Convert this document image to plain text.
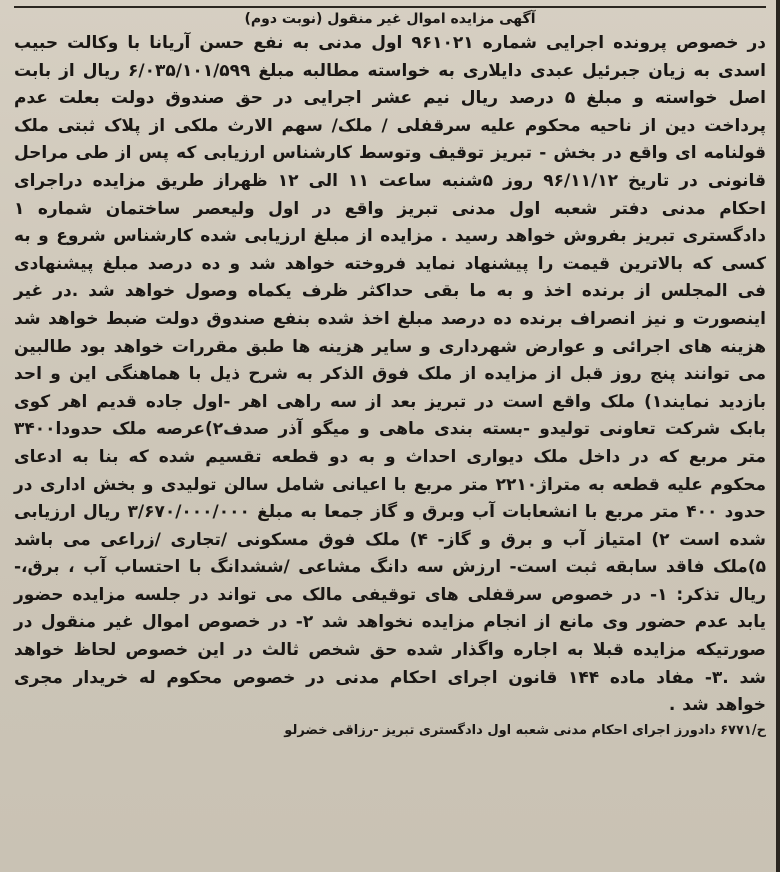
آگهی مزایده اموال غیر منقول (نوبت دوم)

در خصوص پرونده اجرایی شماره ۹۶۱۰۲۱ اول مدنی به نفع حسن آریانا با وکالت حبیب اسدی به زیان جبرئیل عبدی دایلاری به خواسته مطالبه مبلغ ۶/۰۳۵/۱۰۱/۵۹۹ ریال از بابت اصل خواسته و مبلغ ۵ درصد ریال نیم عشر اجرایی در حق صندوق دولت بعلت عدم پرداخت دین از ناحیه محکوم علیه سرقفلی / ملک/ سهم الارث ملکی از پلاک ثبتی ملک قولنامه ای واقع در بخش - تبریز توقیف وتوسط کارشناس ارزیابی که پس از طی مراحل قانونی در تاریخ ۹۶/۱۱/۱۲ روز ۵شنبه ساعت ۱۱ الی ۱۲ ظهراز طریق مزایده دراجرای احکام مدنی دفتر شعبه اول مدنی تبریز واقع در اول ولیعصر ساختمان شماره ۱ دادگستری تبریز بفروش خواهد رسید . مزایده از مبلغ ارزیابی شده کارشناس شروع و به کسی که بالاترین قیمت را پیشنهاد نماید فروخته خواهد شد و ده درصد مبلغ پیشنهادی فی المجلس از برنده اخذ و به ما بقی حداکثر ظرف یکماه وصول خواهد شد .در غیر اینصورت و نیز انصراف برنده ده درصد مبلغ اخذ شده بنفع صندوق دولت ضبط خواهد شد هزینه های اجرائی و عوارض شهرداری و سایر هزینه ها طبق مقررات خواهد بود طالبین می توانند پنج روز قبل از مزایده از ملک فوق الذکر به شرح ذیل با هماهنگی این و احد بازدید نمایند۱) ملک واقع است در تبریز بعد از سه راهی اهر -اول جاده قدیم اهر کوی بابک شرکت تعاونی تولیدو -بسته بندی ماهی و میگو آذر صدف۲)عرصه ملک حدودا۳۴۰۰ متر مربع که در داخل ملک دیواری احداث و به دو قطعه تقسیم شده که بنا به ادعای محکوم علیه قطعه به متراژ۲۲۱۰ متر مربع با اعیانی شامل سالن تولیدی و بخش اداری در حدود ۴۰۰ متر مربع با انشعابات آب وبرق و گاز جمعا به مبلغ ۳/۶۷۰/۰۰۰/۰۰۰ ریال ارزیابی شده است ۲) امتیاز آب و برق و گاز- ۴) ملک فوق مسکونی /تجاری /زراعی می باشد ۵)ملک فاقد سابقه ثبت است- ارزش سه دانگ مشاعی /ششدانگ با احتساب آب ، برق،-ریال تذکر: ۱- در خصوص سرقفلی های توقیفی مالک می تواند در جلسه مزایده حضور یابد عدم حضور وی مانع از انجام مزایده نخواهد شد ۲- در خصوص اموال غیر منقول در صورتیکه مزایده قبلا به اجاره واگذار شده حق شخص ثالث در این خصوص لحاظ خواهد شد .۳- مفاد ماده ۱۴۴ قانون اجرای احکام مدنی در خصوص محکوم له خریدار مجری خواهد شد .

ح/۶۷۷۱ دادورز اجرای احکام مدنی شعبه اول دادگستری تبریز -رزاقی خضرلو
